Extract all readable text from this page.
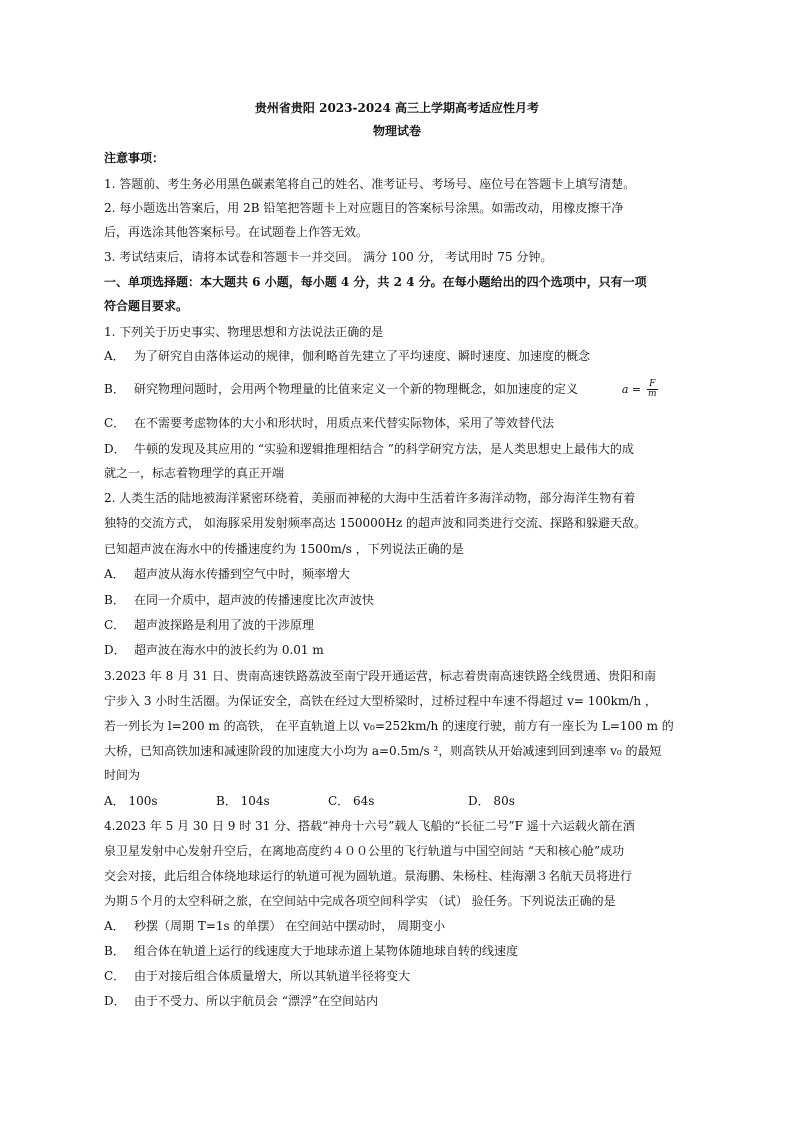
贵州省贵阳 2023-2024 高三上学期高考适应性月考
物理试卷
注意事项：
1. 答题前、考生务必用黑色碳素笔将自己的姓名、准考证号、考场号、座位号在答题卡上填写清楚。
2. 每小题选出答案后，用 2B 铅笔把答题卡上对应题目的答案标号涂黑。如需改动，用橡皮擦干净
后，再选涂其他答案标号。在试题卷上作答无效。
3. 考试结束后，请将本试卷和答题卡一并交回。 满分 100 分， 考试用时 75 分钟。
一、单项选择题：本大题共 6 小题，每小题 4 分，共 2 4 分。在每小题给出的四个选项中，只有一项
符合题目要求。
1. 下列关于历史事实、物理思想和方法说法正确的是
A． 为了研究自由落体运动的规律，伽利略首先建立了平均速度、瞬时速度、加速度的概念
B． 研究物理问题时，会用两个物理量的比值来定义一个新的物理概念，如加速度的定义	$a = \frac{F}{m}$
C． 在不需要考虑物体的大小和形状时，用质点来代替实际物体，采用了等效替代法
D． 牛顿的发现及其应用的 “实验和逻辑推理相结合 ”的科学研究方法，是人类思想史上最伟大的成
就之一，标志着物理学的真正开端
2. 人类生活的陆地被海洋紧密环绕着，美丽而神秘的大海中生活着许多海洋动物，部分海洋生物有着
独特的交流方式， 如海豚采用发射频率高达 150000Hz 的超声波和同类进行交流、探路和躲避天敌。
已知超声波在海水中的传播速度约为 1500m/s ，下列说法正确的是
A． 超声波从海水传播到空气中时，频率增大
B． 在同一介质中，超声波的传播速度比次声波快
C． 超声波探路是利用了波的干涉原理
D． 超声波在海水中的波长约为 0.01 m
3.2023 年 8 月 31 日、贵南高速铁路荔波至南宁段开通运营，标志着贵南高速铁路全线贯通、贵阳和南
宁步入 3 小时生活圈。为保证安全，高铁在经过大型桥梁时，过桥过程中车速不得超过 v= 100km/h ，
若一列长为 l=200 m 的高铁， 在平直轨道上以 v₀=252km/h 的速度行驶，前方有一座长为 L=100 m 的
大桥，已知高铁加速和减速阶段的加速度大小均为 a=0.5m/s ²，则高铁从开始减速到回到速率 v₀ 的最短
时间为
A． 100s	B． 104s	C． 64s	D． 80s
4.2023 年 5 月 30 日 9 时 31 分、搭载“神舟十六号”载人飞船的“长征二号”F 遥十六运载火箭在酒
泉卫星发射中心发射升空后，在离地高度约４００公里的飞行轨道与中国空间站 “天和核心舱”成功
交会对接，此后组合体绕地球运行的轨道可视为圆轨道。景海鹏、朱杨柱、桂海潮３名航天员将进行
为期５个月的太空科研之旅，在空间站中完成各项空间科学实 （试） 验任务。下列说法正确的是
A． 秒摆（周期 T=1s 的单摆） 在空间站中摆动时， 周期变小
B． 组合体在轨道上运行的线速度大于地球赤道上某物体随地球自转的线速度
C． 由于对接后组合体质量增大，所以其轨道半径将变大
D． 由于不受力、所以宇航员会 “漂浮”在空间站内
